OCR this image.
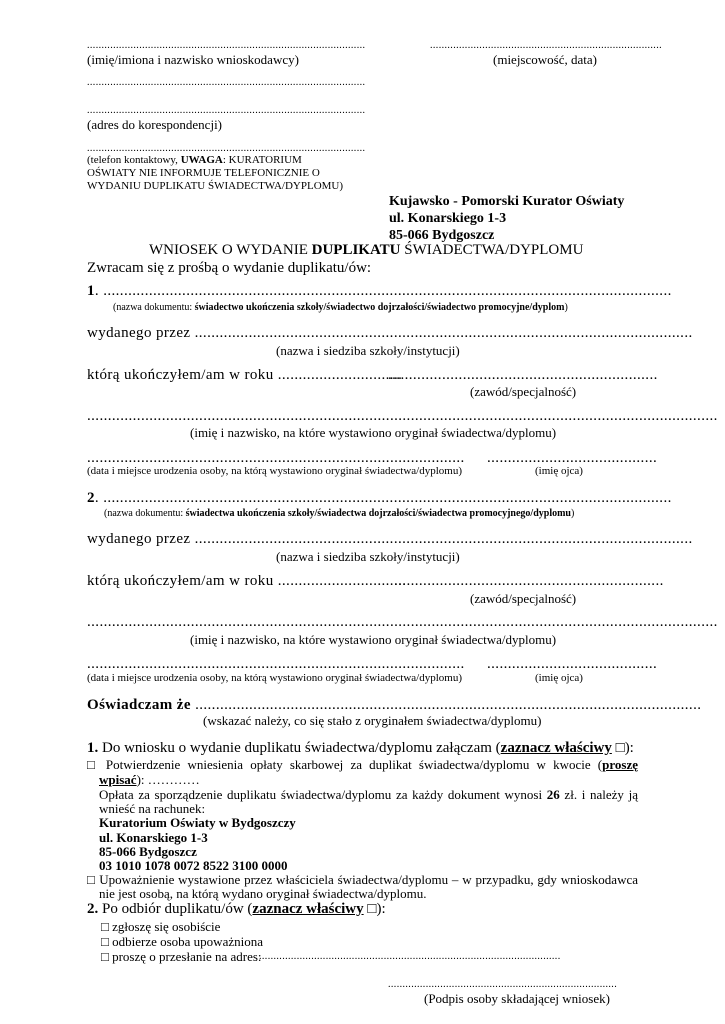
................................................................................................
(imię/imiona i nazwisko wnioskodawcy)
................................................................................
(miejscowość, data)
................................................................................................
................................................................................................
(adres do korespondencji)
................................................................................................
(telefon kontaktowy, UWAGA: KURATORIUM
OŚWIATY NIE INFORMUJE TELEFONICZNIE O
WYDANIU DUPLIKATU ŚWIADECTWA/DYPLOMU)
Kujawsko - Pomorski Kurator Oświaty
ul. Konarskiego 1-3
85-066 Bydgoszcz
WNIOSEK O WYDANIE DUPLIKATU ŚWIADECTWA/DYPLOMU
Zwracam się z prośbą o wydanie duplikatu/ów:
1. .........................................................................................................................................
(nazwa dokumentu: świadectwo ukończenia szkoły/świadectwo dojrzałości/świadectwo promocyjne/dyplom)
wydanego przez ........................................................................................................................
(nazwa i siedziba szkoły/instytucji)
którą ukończyłem/am w roku ..............................
.................................................................
(zawód/specjalność)
........................................................................................................................................................
(imię i nazwisko, na które wystawiono oryginał świadectwa/dyplomu)
........................................................................................... .........................................
(data i miejsce urodzenia osoby, na którą wystawiono oryginał świadectwa/dyplomu)	(imię ojca)
2. .........................................................................................................................................
(nazwa dokumentu: świadectwa ukończenia szkoły/świadectwa dojrzałości/świadectwa promocyjnego/dyplomu)
wydanego przez ........................................................................................................................
(nazwa i siedziba szkoły/instytucji)
którą ukończyłem/am w roku ...............................
.................................................................
(zawód/specjalność)
........................................................................................................................................................
(imię i nazwisko, na które wystawiono oryginał świadectwa/dyplomu)
........................................................................................... .........................................
(data i miejsce urodzenia osoby, na którą wystawiono oryginał świadectwa/dyplomu)	(imię ojca)
Oświadczam że ..........................................................................................................................
(wskazać należy, co się stało z oryginałem świadectwa/dyplomu)
1. Do wniosku o wydanie duplikatu świadectwa/dyplomu załączam (zaznacz właściwy □):
□ Potwierdzenie wniesienia opłaty skarbowej za duplikat świadectwa/dyplomu w kwocie (proszę
wpisać): …………
Opłata za sporządzenie duplikatu świadectwa/dyplomu za każdy dokument wynosi 26 zł. i należy ją
wnieść na rachunek:
Kuratorium Oświaty w Bydgoszczy
ul. Konarskiego 1-3
85-066 Bydgoszcz
03 1010 1078 0072 8522 3100 0000
□ Upoważnienie wystawione przez właściciela świadectwa/dyplomu – w przypadku, gdy wnioskodawca
nie jest osobą, na którą wydano oryginał świadectwa/dyplomu.
2. Po odbiór duplikatu/ów (zaznacz właściwy □):
□ zgłoszę się osobiście
□ odbierze osoba upoważniona
□ proszę o przesłanie na adres:
........................................................................................................
...............................................................................
(Podpis osoby składającej wniosek)
